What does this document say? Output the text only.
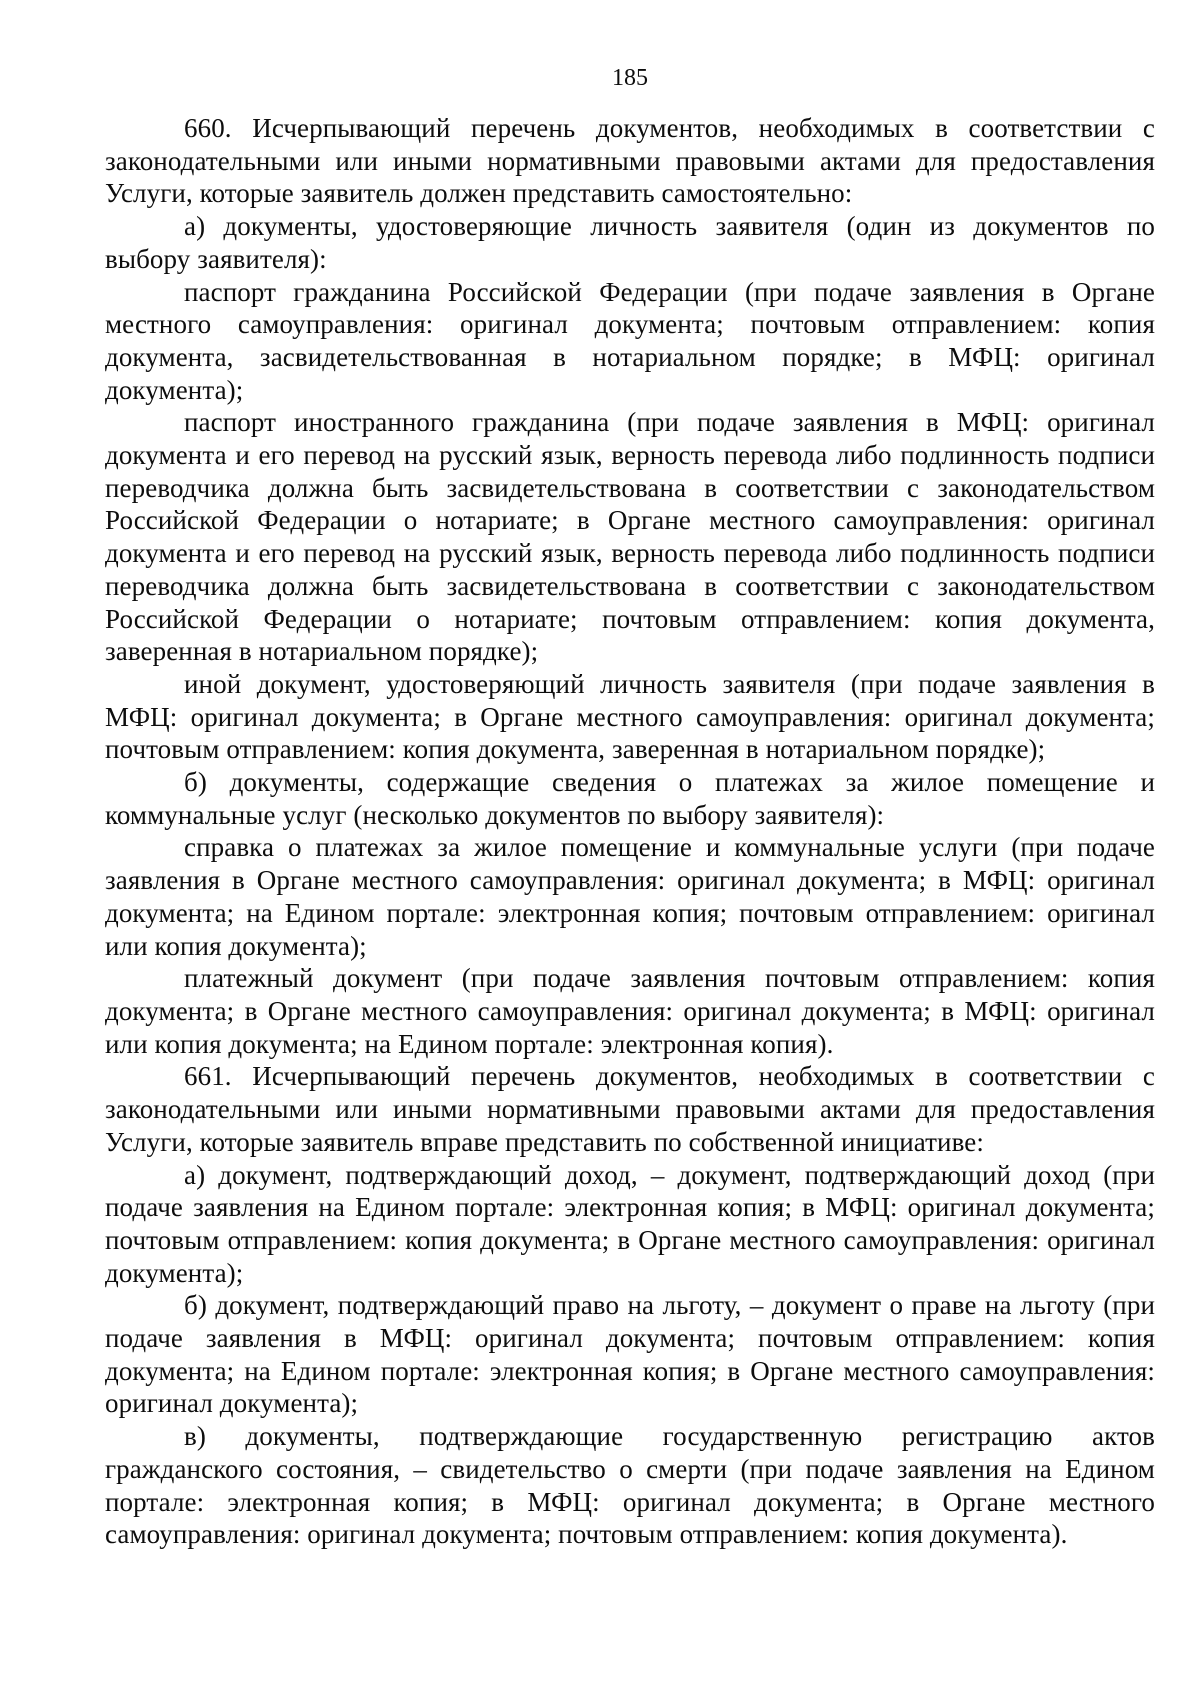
185

660. Исчерпывающий перечень документов, необходимых в соответствии с законодательными или иными нормативными правовыми актами для предоставления Услуги, которые заявитель должен представить самостоятельно:

а) документы, удостоверяющие личность заявителя (один из документов по выбору заявителя):

паспорт гражданина Российской Федерации (при подаче заявления в Органе местного самоуправления: оригинал документа; почтовым отправлением: копия документа, засвидетельствованная в нотариальном порядке; в МФЦ: оригинал документа);

паспорт иностранного гражданина (при подаче заявления в МФЦ: оригинал документа и его перевод на русский язык, верность перевода либо подлинность подписи переводчика должна быть засвидетельствована в соответствии с законодательством Российской Федерации о нотариате; в Органе местного самоуправления: оригинал документа и его перевод на русский язык, верность перевода либо подлинность подписи переводчика должна быть засвидетельствована в соответствии с законодательством Российской Федерации о нотариате; почтовым отправлением: копия документа, заверенная в нотариальном порядке);

иной документ, удостоверяющий личность заявителя (при подаче заявления в МФЦ: оригинал документа; в Органе местного самоуправления: оригинал документа; почтовым отправлением: копия документа, заверенная в нотариальном порядке);

б) документы, содержащие сведения о платежах за жилое помещение и коммунальные услуг (несколько документов по выбору заявителя):

справка о платежах за жилое помещение и коммунальные услуги (при подаче заявления в Органе местного самоуправления: оригинал документа; в МФЦ: оригинал документа; на Едином портале: электронная копия; почтовым отправлением: оригинал или копия документа);

платежный документ (при подаче заявления почтовым отправлением: копия документа; в Органе местного самоуправления: оригинал документа; в МФЦ: оригинал или копия документа; на Едином портале: электронная копия).

661. Исчерпывающий перечень документов, необходимых в соответствии с законодательными или иными нормативными правовыми актами для предоставления Услуги, которые заявитель вправе представить по собственной инициативе:

а) документ, подтверждающий доход, – документ, подтверждающий доход (при подаче заявления на Едином портале: электронная копия; в МФЦ: оригинал документа; почтовым отправлением: копия документа; в Органе местного самоуправления: оригинал документа);

б) документ, подтверждающий право на льготу, – документ о праве на льготу (при подаче заявления в МФЦ: оригинал документа; почтовым отправлением: копия документа; на Едином портале: электронная копия; в Органе местного самоуправления: оригинал документа);

в) документы, подтверждающие государственную регистрацию актов гражданского состояния, – свидетельство о смерти (при подаче заявления на Едином портале: электронная копия; в МФЦ: оригинал документа; в Органе местного самоуправления: оригинал документа; почтовым отправлением: копия документа).
